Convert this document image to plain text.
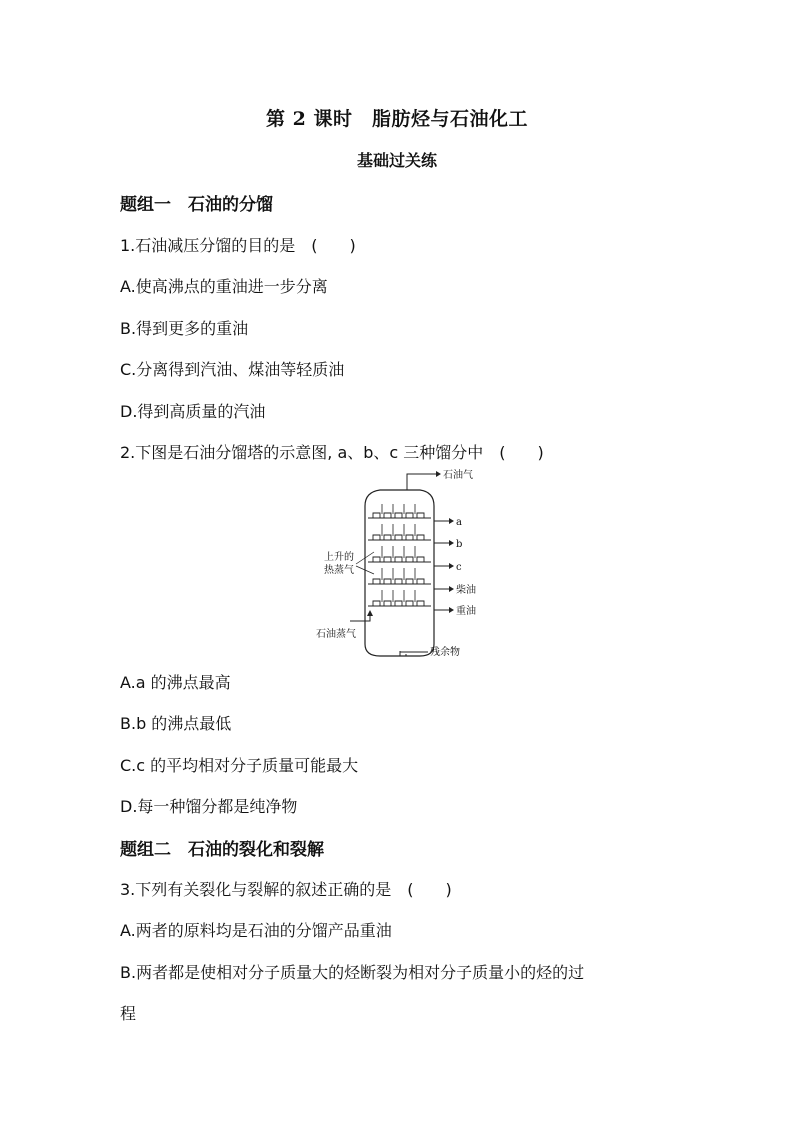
第 2 课时　脂肪烃与石油化工
基础过关练
题组一　石油的分馏
1.石油减压分馏的目的是　(　　)
A.使高沸点的重油进一步分离
B.得到更多的重油
C.分离得到汽油、煤油等轻质油
D.得到高质量的汽油
2.下图是石油分馏塔的示意图, a、b、c 三种馏分中　(　　)
石油气
a
b
c
柴油
重油
残余物
上升的
热蒸气
石油蒸气
A.a 的沸点最高
B.b 的沸点最低
C.c 的平均相对分子质量可能最大
D.每一种馏分都是纯净物
题组二　石油的裂化和裂解
3.下列有关裂化与裂解的叙述正确的是　(　　)
A.两者的原料均是石油的分馏产品重油
B.两者都是使相对分子质量大的烃断裂为相对分子质量小的烃的过
程
